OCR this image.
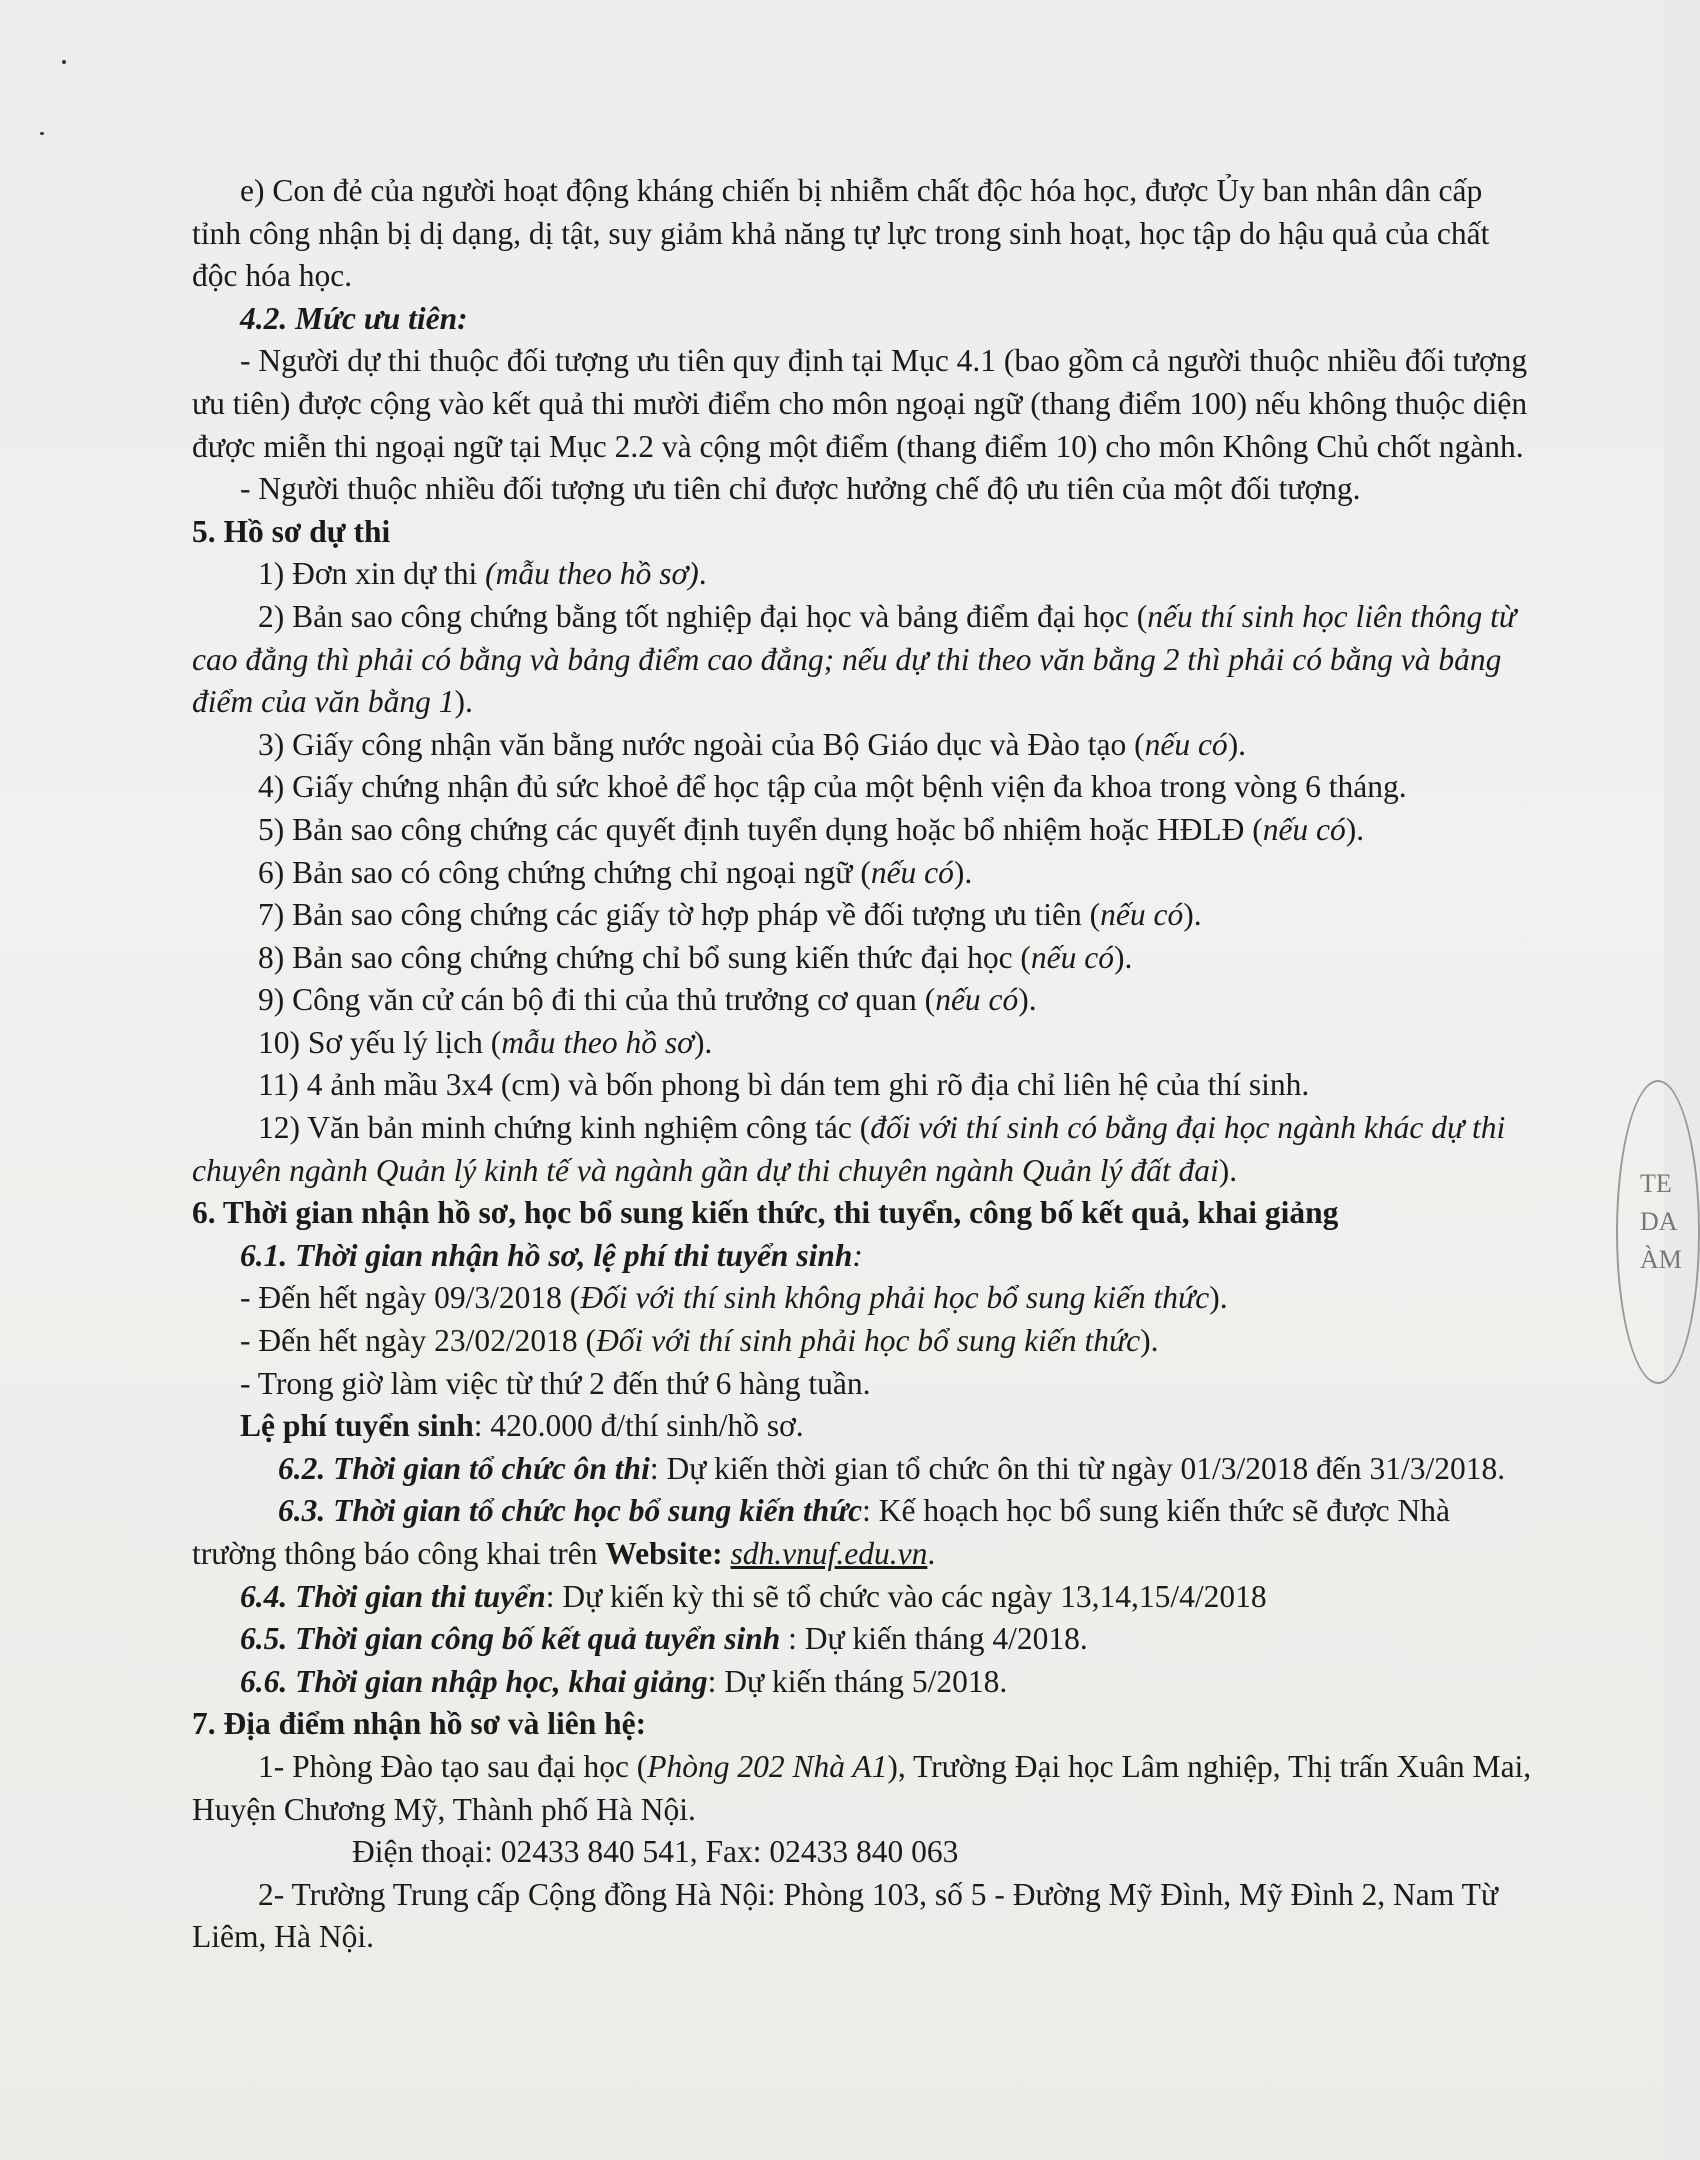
TE
DA
ÀM

e) Con đẻ của người hoạt động kháng chiến bị nhiễm chất độc hóa học, được Ủy ban nhân dân cấp tỉnh công nhận bị dị dạng, dị tật, suy giảm khả năng tự lực trong sinh hoạt, học tập do hậu quả của chất độc hóa học.

4.2. Mức ưu tiên:

- Người dự thi thuộc đối tượng ưu tiên quy định tại Mục 4.1 (bao gồm cả người thuộc nhiều đối tượng ưu tiên) được cộng vào kết quả thi mười điểm cho môn ngoại ngữ (thang điểm 100) nếu không thuộc diện được miễn thi ngoại ngữ tại Mục 2.2 và cộng một điểm (thang điểm 10) cho môn Không Chủ chốt ngành.

- Người thuộc nhiều đối tượng ưu tiên chỉ được hưởng chế độ ưu tiên của một đối tượng.

5. Hồ sơ dự thi

1) Đơn xin dự thi (mẫu theo hồ sơ).

2) Bản sao công chứng bằng tốt nghiệp đại học và bảng điểm đại học (nếu thí sinh học liên thông từ cao đẳng thì phải có bằng và bảng điểm cao đẳng; nếu dự thi theo văn bằng 2 thì phải có bằng và bảng điểm của văn bằng 1).

3) Giấy công nhận văn bằng nước ngoài của Bộ Giáo dục và Đào tạo (nếu có).

4) Giấy chứng nhận đủ sức khoẻ để học tập của một bệnh viện đa khoa trong vòng 6 tháng.

5) Bản sao công chứng các quyết định tuyển dụng hoặc bổ nhiệm hoặc HĐLĐ (nếu có).

6) Bản sao có công chứng chứng chỉ ngoại ngữ (nếu có).

7) Bản sao công chứng các giấy tờ hợp pháp về đối tượng ưu tiên (nếu có).

8) Bản sao công chứng chứng chỉ bổ sung kiến thức đại học (nếu có).

9) Công văn cử cán bộ đi thi của thủ trưởng cơ quan (nếu có).

10) Sơ yếu lý lịch (mẫu theo hồ sơ).

11) 4 ảnh mầu 3x4 (cm) và bốn phong bì dán tem ghi rõ địa chỉ liên hệ của thí sinh.

12) Văn bản minh chứng kinh nghiệm công tác (đối với thí sinh có bằng đại học ngành khác dự thi chuyên ngành Quản lý kinh tế và ngành gần dự thi chuyên ngành Quản lý đất đai).

6. Thời gian nhận hồ sơ, học bổ sung kiến thức, thi tuyển, công bố kết quả, khai giảng

6.1. Thời gian nhận hồ sơ, lệ phí thi tuyển sinh:

- Đến hết ngày 09/3/2018 (Đối với thí sinh không phải học bổ sung kiến thức).

- Đến hết ngày 23/02/2018 (Đối với thí sinh phải học bổ sung kiến thức).

- Trong giờ làm việc từ thứ 2 đến thứ 6 hàng tuần.

Lệ phí tuyển sinh: 420.000 đ/thí sinh/hồ sơ.

6.2. Thời gian tổ chức ôn thi: Dự kiến thời gian tổ chức ôn thi từ ngày 01/3/2018 đến 31/3/2018.

6.3. Thời gian tổ chức học bổ sung kiến thức: Kế hoạch học bổ sung kiến thức sẽ được Nhà trường thông báo công khai trên Website: sdh.vnuf.edu.vn.

6.4. Thời gian thi tuyển: Dự kiến kỳ thi sẽ tổ chức vào các ngày 13,14,15/4/2018

6.5. Thời gian công bố kết quả tuyển sinh : Dự kiến tháng 4/2018.

6.6. Thời gian nhập học, khai giảng: Dự kiến tháng 5/2018.

7. Địa điểm nhận hồ sơ và liên hệ:

1- Phòng Đào tạo sau đại học (Phòng 202 Nhà A1), Trường Đại học Lâm nghiệp, Thị trấn Xuân Mai, Huyện Chương Mỹ, Thành phố Hà Nội.

Điện thoại: 02433 840 541, Fax: 02433 840 063

2- Trường Trung cấp Cộng đồng Hà Nội: Phòng 103, số 5 - Đường Mỹ Đình, Mỹ Đình 2, Nam Từ Liêm, Hà Nội.
